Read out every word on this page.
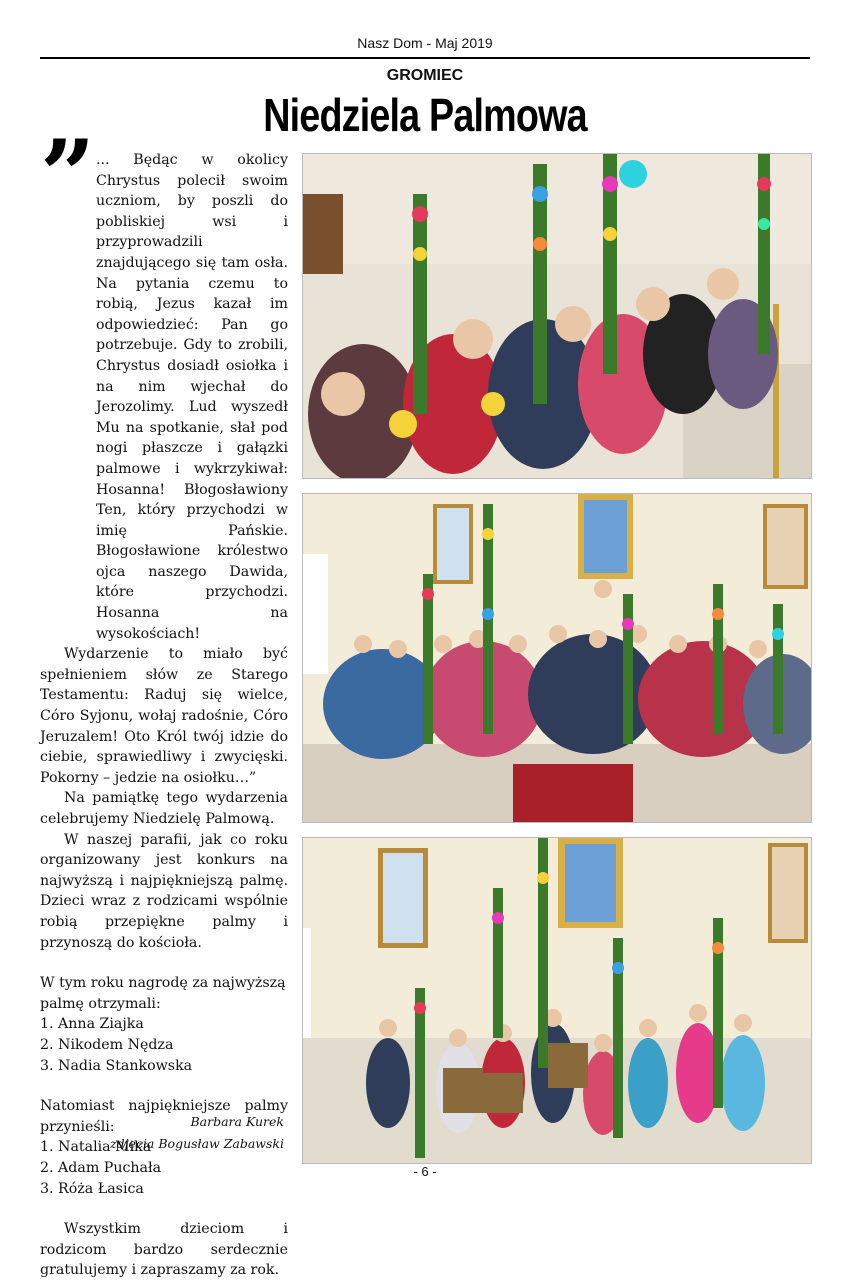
Nasz Dom - Maj 2019
GROMIEC
Niedziela Palmowa
” ... Będąc w okolicy Chrystus polecił swoim uczniom, by poszli do pobliskiej wsi i przyprowadzili znajdującego się tam osła. Na pytania czemu to robią, Jezus kazał im odpowiedzieć: Pan go potrzebuje. Gdy to zrobili, Chrystus dosiadł osiołka i na nim wjechał do Jerozolimy. Lud wyszedł Mu na spotkanie, słał pod nogi płaszcze i gałązki palmowe i wykrzykiwał: Hosanna! Błogosławiony Ten, który przychodzi w imię Pańskie. Błogosławione królestwo ojca naszego Dawida, które przychodzi. Hosanna na wysokościach!

Wydarzenie to miało być spełnieniem słów ze Starego Testamentu: Raduj się wielce, Córo Syjonu, wołaj radośnie, Córo Jeruzalem! Oto Król twój idzie do ciebie, sprawiedliwy i zwycięski. Pokorny – jedzie na osiołku…”

Na pamiątkę tego wydarzenia celebrujemy Niedzielę Palmową.

W naszej parafii, jak co roku organizowany jest konkurs na najwyższą i najpiękniejszą palmę. Dzieci wraz z rodzicami wspólnie robią przepiękne palmy i przynoszą do kościoła.

W tym roku nagrodę za najwyższą palmę otrzymali:

1. Anna Ziajka
2. Nikodem Nędza
3. Nadia Stankowska

Natomiast najpiękniejsze palmy przynieśli:

1. Natalia Mika
2. Adam Puchała
3. Róża Łasica

Wszystkim dzieciom i rodzicom bardzo serdecznie gratulujemy i zapraszamy za rok.

Barbara Kurek
zdjęcia Bogusław Zabawski
- 6 -
